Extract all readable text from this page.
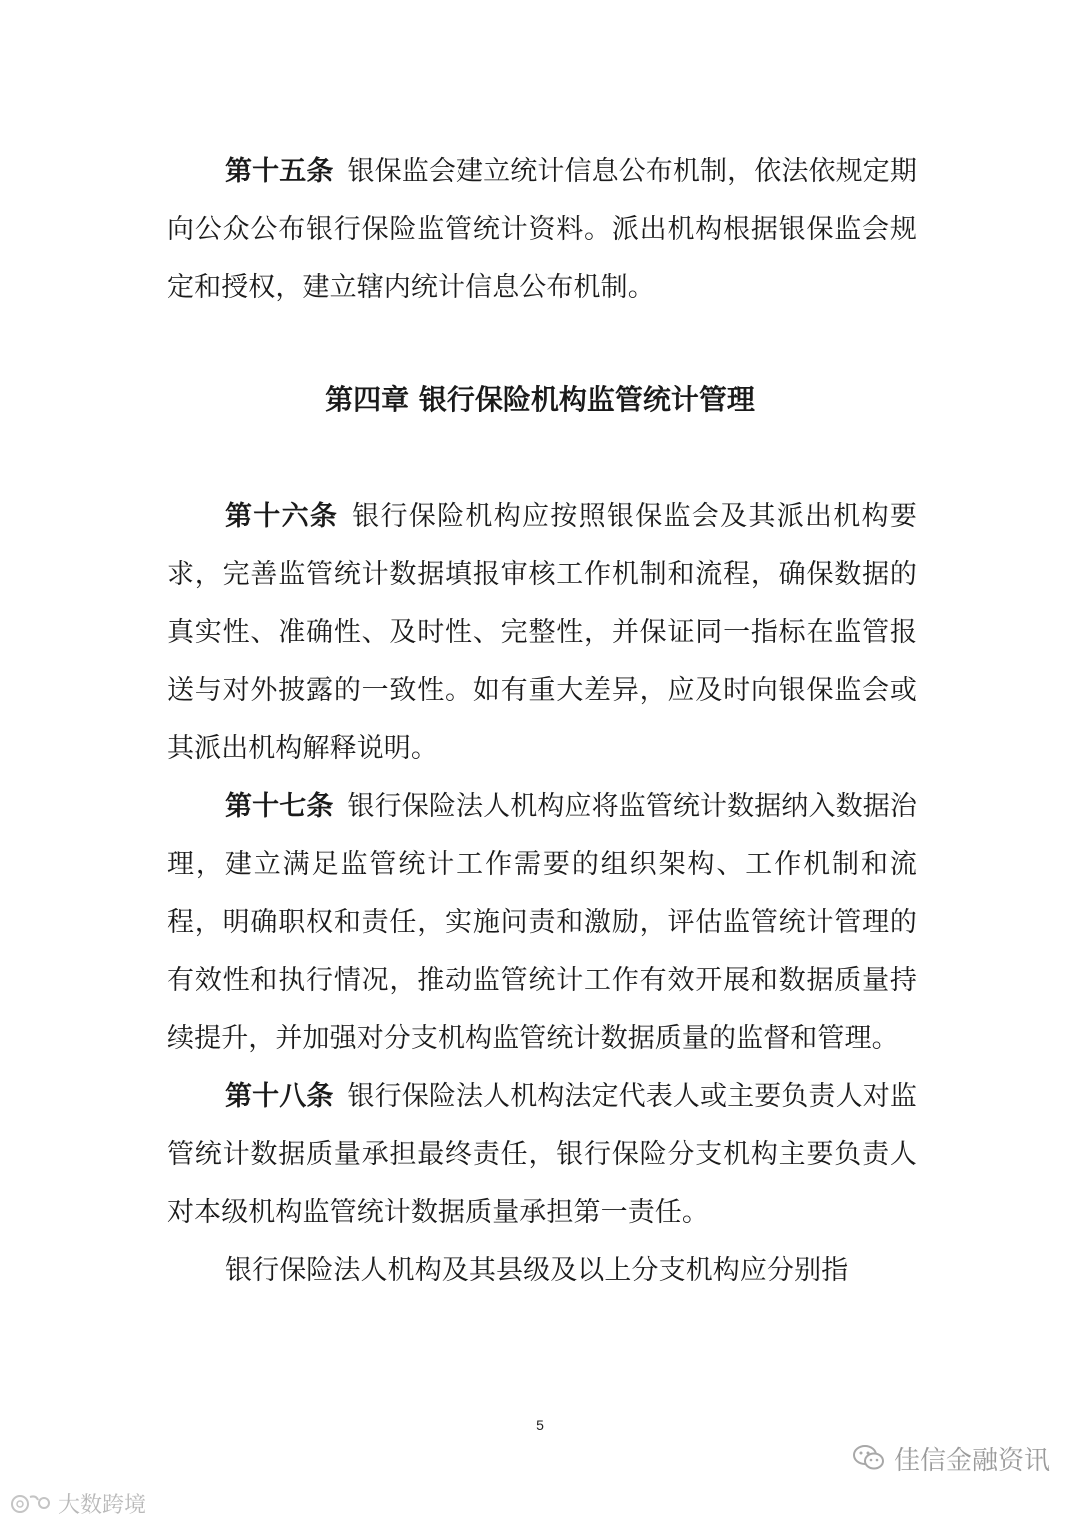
第十五条 银保监会建立统计信息公布机制，依法依规定期向公众公布银行保险监管统计资料。派出机构根据银保监会规定和授权，建立辖内统计信息公布机制。

第四章 银行保险机构监管统计管理

第十六条 银行保险机构应按照银保监会及其派出机构要求，完善监管统计数据填报审核工作机制和流程，确保数据的真实性、准确性、及时性、完整性，并保证同一指标在监管报送与对外披露的一致性。如有重大差异，应及时向银保监会或其派出机构解释说明。

第十七条 银行保险法人机构应将监管统计数据纳入数据治理，建立满足监管统计工作需要的组织架构、工作机制和流程，明确职权和责任，实施问责和激励，评估监管统计管理的有效性和执行情况，推动监管统计工作有效开展和数据质量持续提升，并加强对分支机构监管统计数据质量的监督和管理。

第十八条 银行保险法人机构法定代表人或主要负责人对监管统计数据质量承担最终责任，银行保险分支机构主要负责人对本级机构监管统计数据质量承担第一责任。

银行保险法人机构及其县级及以上分支机构应分别指

5
佳信金融资讯
大数跨境
